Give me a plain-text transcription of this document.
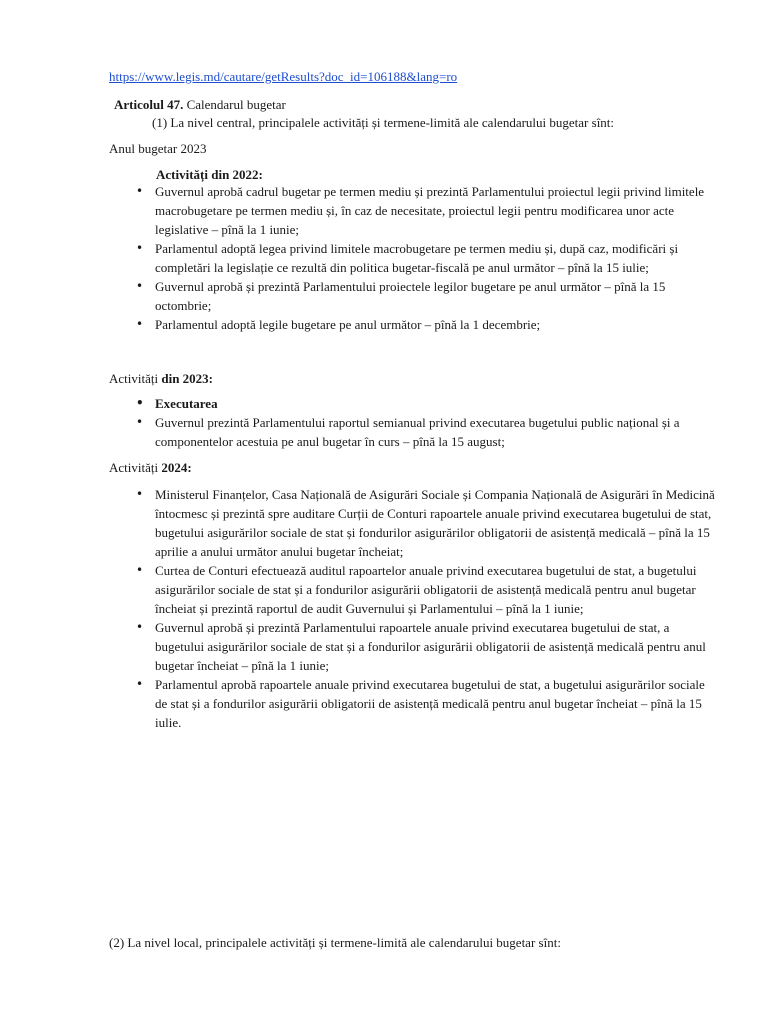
https://www.legis.md/cautare/getResults?doc_id=106188&lang=ro
Articolul 47. Calendarul bugetar
(1) La nivel central, principalele activități și termene-limită ale calendarului bugetar sînt:
Anul bugetar 2023
Activități din 2022:
• Guvernul aprobă cadrul bugetar pe termen mediu și prezintă Parlamentului proiectul legii privind limitele macrobugetare pe termen mediu și, în caz de necesitate, proiectul legii pentru modificarea unor acte legislative – pînă la 1 iunie;
• Parlamentul adoptă legea privind limitele macrobugetare pe termen mediu și, după caz, modificări și completări la legislație ce rezultă din politica bugetar-fiscală pe anul următor – pînă la 15 iulie;
• Guvernul aprobă și prezintă Parlamentului proiectele legilor bugetare pe anul următor – pînă la 15 octombrie;
• Parlamentul adoptă legile bugetare pe anul următor – pînă la 1 decembrie;
Activități din 2023:
• Executarea
• Guvernul prezintă Parlamentului raportul semianual privind executarea bugetului public național și a componentelor acestuia pe anul bugetar în curs – pînă la 15 august;
Activități 2024:
• Ministerul Finanțelor, Casa Națională de Asigurări Sociale și Compania Națională de Asigurări în Medicină întocmesc și prezintă spre auditare Curții de Conturi rapoartele anuale privind executarea bugetului de stat, bugetului asigurărilor sociale de stat și fondurilor asigurărilor obligatorii de asistență medicală – pînă la 15 aprilie a anului următor anului bugetar încheiat;
• Curtea de Conturi efectuează auditul rapoartelor anuale privind executarea bugetului de stat, a bugetului asigurărilor sociale de stat și a fondurilor asigurării obligatorii de asistență medicală pentru anul bugetar încheiat și prezintă raportul de audit Guvernului și Parlamentului – pînă la 1 iunie;
• Guvernul aprobă și prezintă Parlamentului rapoartele anuale privind executarea bugetului de stat, a bugetului asigurărilor sociale de stat și a fondurilor asigurării obligatorii de asistență medicală pentru anul bugetar încheiat – pînă la 1 iunie;
• Parlamentul aprobă rapoartele anuale privind executarea bugetului de stat, a bugetului asigurărilor sociale de stat și a fondurilor asigurării obligatorii de asistență medicală pentru anul bugetar încheiat – pînă la 15 iulie.
(2) La nivel local, principalele activități și termene-limită ale calendarului bugetar sînt:
